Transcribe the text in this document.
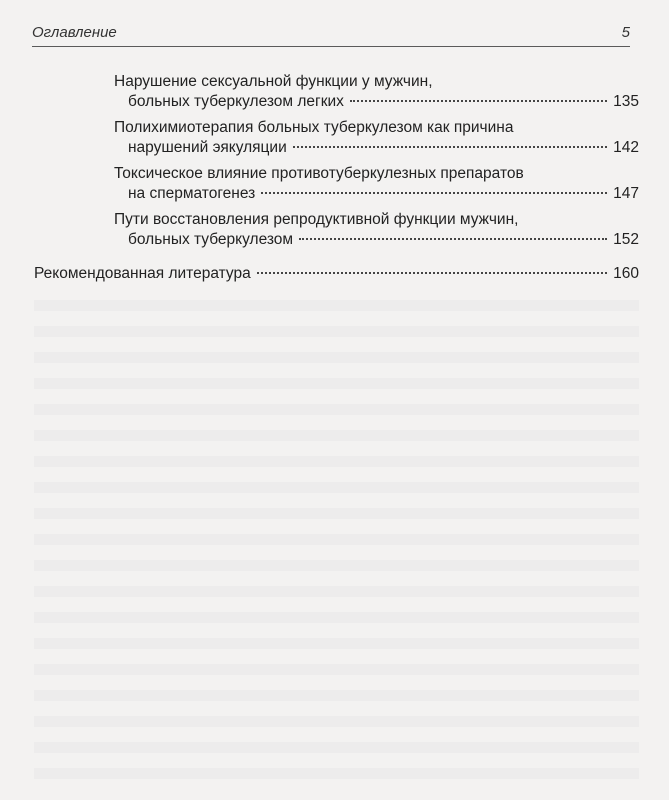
Оглавление	5
Нарушение сексуальной функции у мужчин,
больных туберкулезом легких	135
Полихимиотерапия больных туберкулезом как причина
нарушений эякуляции	142
Токсическое влияние противотуберкулезных препаратов
на сперматогенез	147
Пути восстановления репродуктивной функции мужчин,
больных туберкулезом	152
Рекомендованная литература	160
